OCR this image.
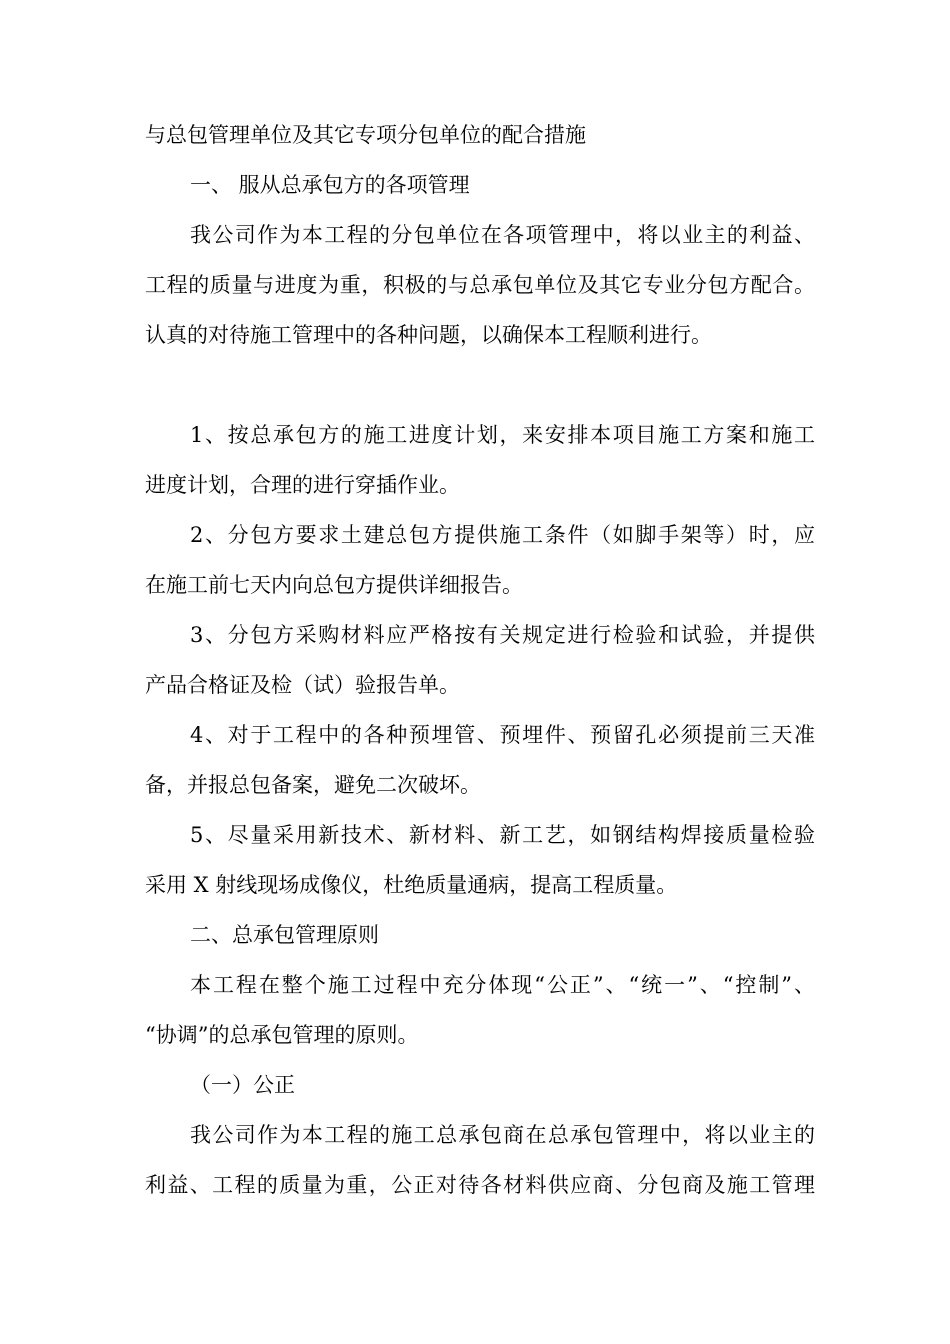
与总包管理单位及其它专项分包单位的配合措施
一、 服从总承包方的各项管理
我公司作为本工程的分包单位在各项管理中，将以业主的利益、
工程的质量与进度为重，积极的与总承包单位及其它专业分包方配合。
认真的对待施工管理中的各种问题，以确保本工程顺利进行。
1、按总承包方的施工进度计划，来安排本项目施工方案和施工
进度计划，合理的进行穿插作业。
2、分包方要求土建总包方提供施工条件（如脚手架等）时，应
在施工前七天内向总包方提供详细报告。
3、分包方采购材料应严格按有关规定进行检验和试验，并提供
产品合格证及检（试）验报告单。
4、对于工程中的各种预埋管、预埋件、预留孔必须提前三天准
备，并报总包备案，避免二次破坏。
5、尽量采用新技术、新材料、新工艺，如钢结构焊接质量检验
采用 X 射线现场成像仪，杜绝质量通病，提高工程质量。
二、总承包管理原则
本工程在整个施工过程中充分体现“公正”、“统一”、“控制”、
“协调”的总承包管理的原则。
（一）公正
我公司作为本工程的施工总承包商在总承包管理中，将以业主的
利益、工程的质量为重，公正对待各材料供应商、分包商及施工管理
